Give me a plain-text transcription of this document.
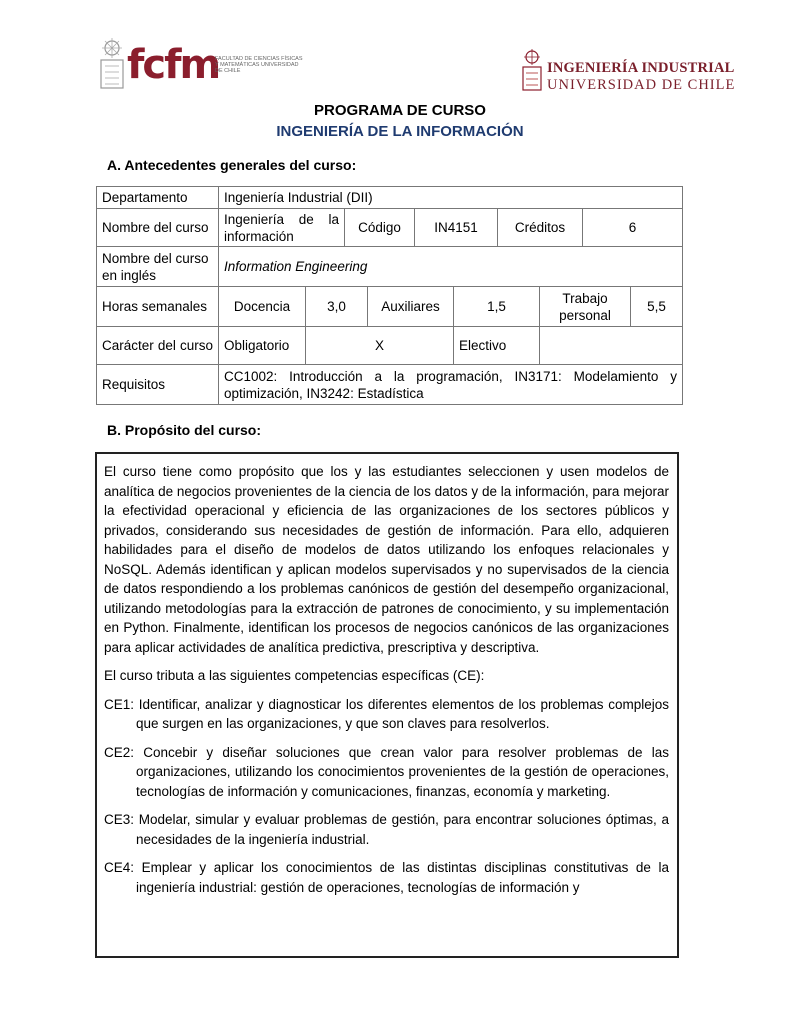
fcfm
FACULTAD DE CIENCIAS FÍSICAS Y MATEMÁTICAS UNIVERSIDAD DE CHILE	INGENIERÍA INDUSTRIAL
UNIVERSIDAD DE CHILE
PROGRAMA DE CURSO
INGENIERÍA DE LA INFORMACIÓN
A. Antecedentes generales del curso:
Departamento	Ingeniería Industrial (DII)									
Nombre del curso	Ingeniería de la información		Código		IN4151		Créditos		6	
Nombre del curso en inglés	Information Engineering									
Horas semanales	Docencia	3,0		Auxiliares		1,5		Trabajo personal		5,5
Carácter del curso	Obligatorio	X				Electivo				
Requisitos	CC1002: Introducción a la programación, IN3171: Modelamiento y optimización, IN3242: Estadística									
B. Propósito del curso:

El curso tiene como propósito que los y las estudiantes seleccionen y usen modelos de analítica de negocios provenientes de la ciencia de los datos y de la información, para mejorar la efectividad operacional y eficiencia de las organizaciones de los sectores públicos y privados, considerando sus necesidades de gestión de información. Para ello, adquieren habilidades para el diseño de modelos de datos utilizando los enfoques relacionales y NoSQL. Además identifican y aplican modelos supervisados y no supervisados de la ciencia de datos respondiendo a los problemas canónicos de gestión del desempeño organizacional, utilizando metodologías para la extracción de patrones de conocimiento, y su implementación en Python. Finalmente, identifican los procesos de negocios canónicos de las organizaciones para aplicar actividades de analítica predictiva, prescriptiva y descriptiva.

El curso tributa a las siguientes competencias específicas (CE):

CE1: Identificar, analizar y diagnosticar los diferentes elementos de los problemas complejos que surgen en las organizaciones, y que son claves para resolverlos.
CE2: Concebir y diseñar soluciones que crean valor para resolver problemas de las organizaciones, utilizando los conocimientos provenientes de la gestión de operaciones, tecnologías de información y comunicaciones, finanzas, economía y marketing.
CE3: Modelar, simular y evaluar problemas de gestión, para encontrar soluciones óptimas, a necesidades de la ingeniería industrial.
CE4: Emplear y aplicar los conocimientos de las distintas disciplinas constitutivas de la ingeniería industrial: gestión de operaciones, tecnologías de información y
